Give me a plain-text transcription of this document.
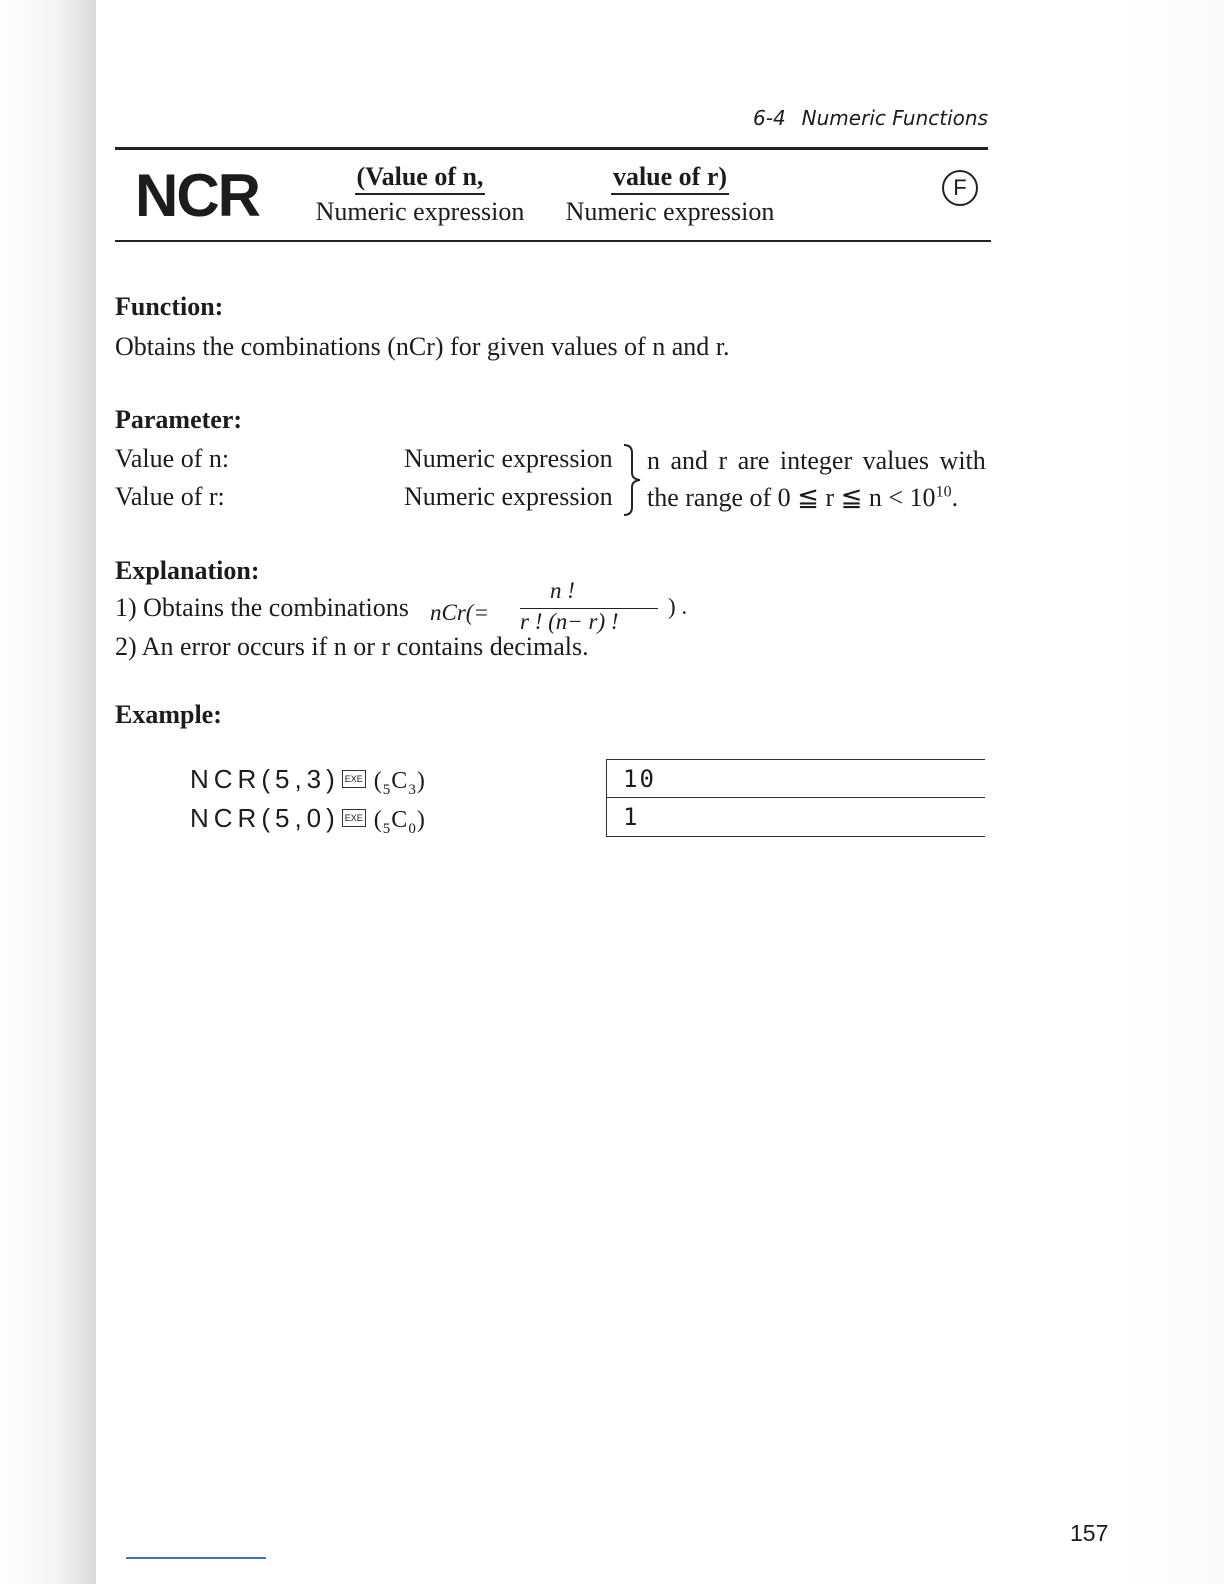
6-4 Numeric Functions
NCR	(Value of n,
Numeric expression
value of r)
Numeric expression
F
Function:
Obtains the combinations (nCr) for given values of n and r.
Parameter:
Value of n:
Value of r:
Numeric expression
Numeric expression
n and r are integer values with
the range of 0 ≦ r ≦ $n < 10^{10}$.
Explanation:
1) Obtains the combinations nCr(=
n !
r ! (n− r) !
) .
2) An error occurs if n or r contains decimals.
Example:
NCR(5,3) EXE $(_5C_3)$
NCR(5,0) EXE $(_5C_0)$
10
1
157
